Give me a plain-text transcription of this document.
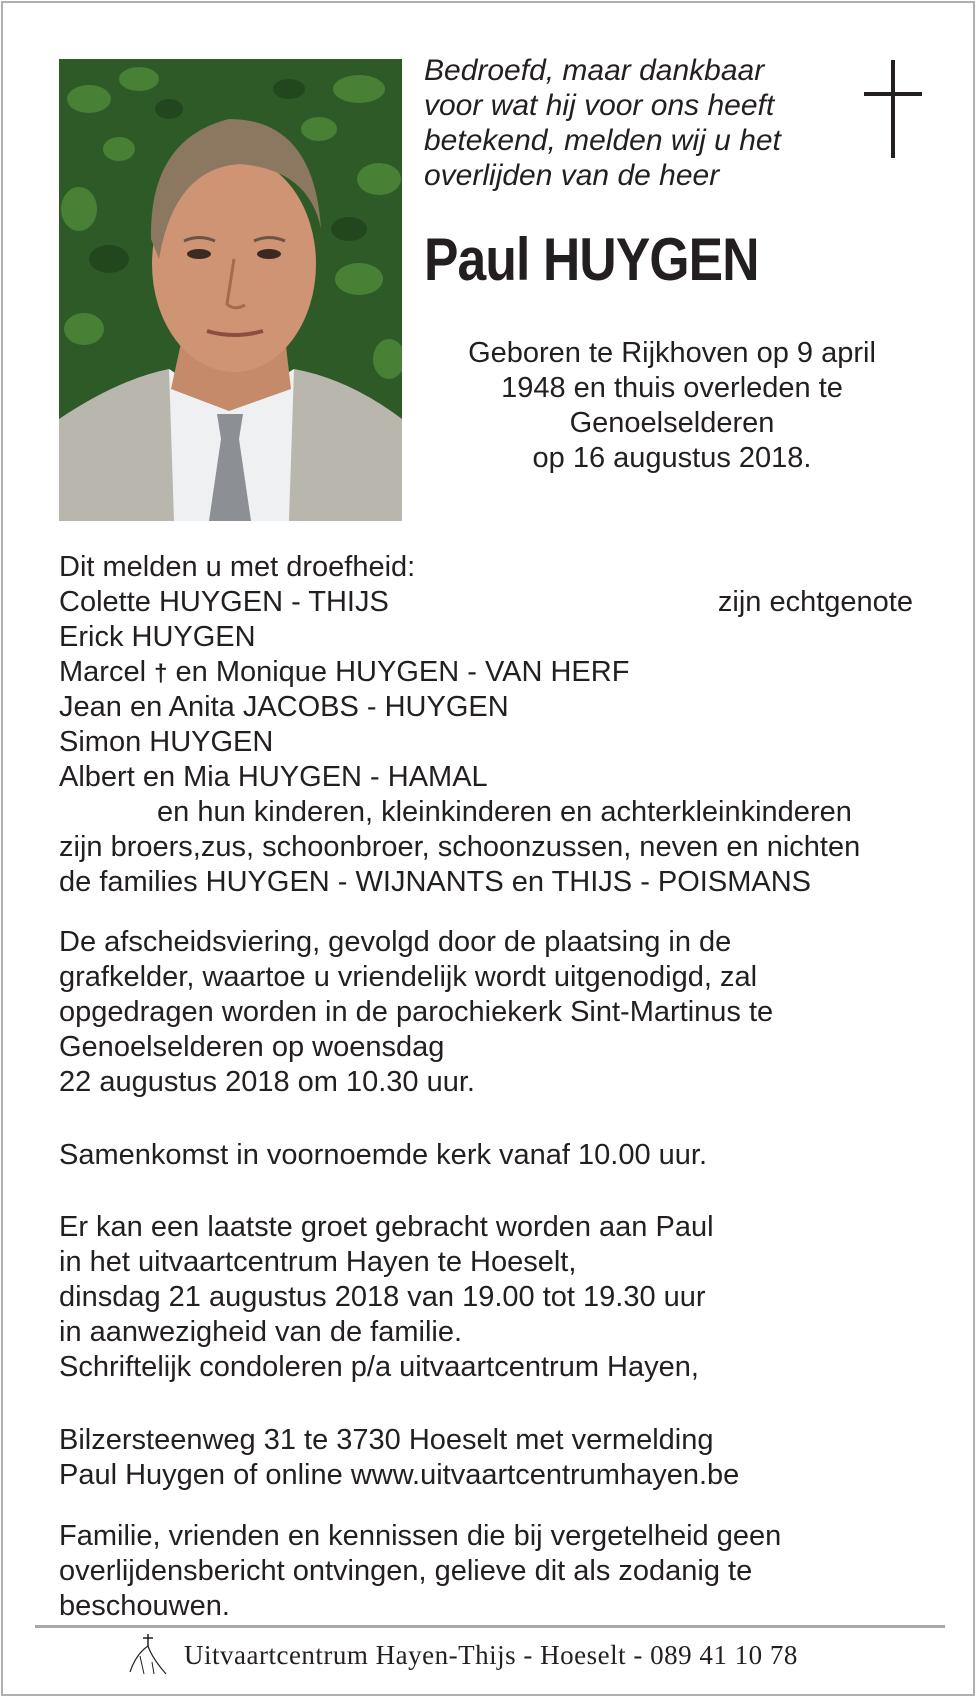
Bedroefd, maar dankbaar
voor wat hij voor ons heeft
betekend, melden wij u het
overlijden van de heer
Paul HUYGEN
Geboren te Rijkhoven op 9 april
1948 en thuis overleden te
Genoelselderen
op 16 augustus 2018.
Dit melden u met droefheid:
Colette HUYGEN - THIJS	zijn echtgenote
Erick HUYGEN
Marcel † en Monique HUYGEN - VAN HERF
Jean en Anita JACOBS - HUYGEN
Simon HUYGEN
Albert en Mia HUYGEN - HAMAL
en hun kinderen, kleinkinderen en achterkleinkinderen
zijn broers,zus, schoonbroer, schoonzussen, neven en nichten
de families HUYGEN - WIJNANTS en THIJS - POISMANS
De afscheidsviering, gevolgd door de plaatsing in de
grafkelder, waartoe u vriendelijk wordt uitgenodigd, zal
opgedragen worden in de parochiekerk Sint-Martinus te
Genoelselderen op woensdag
22 augustus 2018 om 10.30 uur.
Samenkomst in voornoemde kerk vanaf 10.00 uur.
Er kan een laatste groet gebracht worden aan Paul
in het uitvaartcentrum Hayen te Hoeselt,
dinsdag 21 augustus 2018 van 19.00 tot 19.30 uur
in aanwezigheid van de familie.
Schriftelijk condoleren p/a uitvaartcentrum Hayen,
Bilzersteenweg 31 te 3730 Hoeselt met vermelding
Paul Huygen of online www.uitvaartcentrumhayen.be
Familie, vrienden en kennissen die bij vergetelheid geen
overlijdensbericht ontvingen, gelieve dit als zodanig te
beschouwen.
Uitvaartcentrum Hayen-Thijs - Hoeselt - 089 41 10 78
